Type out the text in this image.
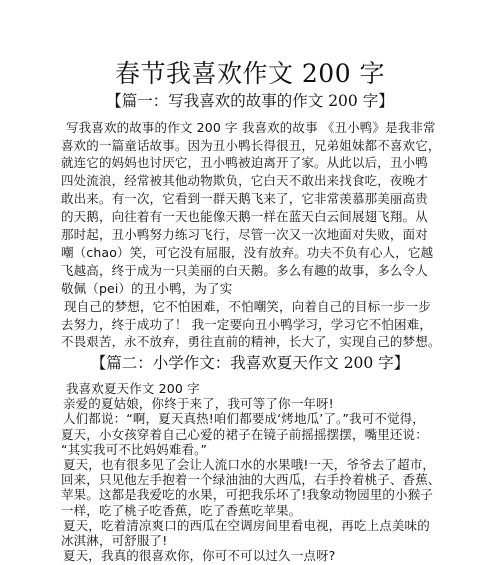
春节我喜欢作文 200 字
【篇一：写我喜欢的故事的作文 200 字】
写我喜欢的故事的作文 200 字 我喜欢的故事 《丑小鸭》是我非常
喜欢的一篇童话故事。因为丑小鸭长得很丑，兄弟姐妹都不喜欢它，
就连它的妈妈也讨厌它，丑小鸭被迫离开了家。从此以后，丑小鸭
四处流浪，经常被其他动物欺负，它白天不敢出来找食吃，夜晚才
敢出来。有一次，它看到一群天鹅飞来了，它非常羡慕那美丽高贵
的天鹅，向往着有一天也能像天鹅一样在蓝天白云间展翅飞翔。从
那时起，丑小鸭努力练习飞行，尽管一次又一次地面对失败，面对
嘲（chao）笑，可它没有屈服，没有放弃。功夫不负有心人，它越
飞越高，终于成为一只美丽的白天鹅。多么有趣的故事，多么令人
敬佩（pei）的丑小鸭，为了实
现自己的梦想，它不怕困难，不怕嘲笑，向着自己的目标一步一步
去努力，终于成功了！ 我一定要向丑小鸭学习，学习它不怕困难，
不畏艰苦，永不放弃，勇往直前的精神，长大了，实现自己的梦想。
【篇二：小学作文：我喜欢夏天作文 200 字】
我喜欢夏天作文 200 字
亲爱的夏姑娘，你终于来了，我可等了你一年呀!
人们都说：“啊，夏天真热!咱们都要成‘烤地瓜’了。”我可不觉得，
夏天，小女孩穿着自己心爱的裙子在镜子前摇摇摆摆，嘴里还说：
“其实我可不比妈妈难看。”
夏天，也有很多见了会让人流口水的水果哦!一天，爷爷去了超市，
回来，只见他左手抱着一个绿油油的大西瓜，右手拎着桃子、香蕉、
苹果。这都是我爱吃的水果，可把我乐坏了!我象动物园里的小猴子
一样，吃了桃子吃香蕉，吃了香蕉吃苹果。
夏天，吃着清凉爽口的西瓜在空调房间里看电视，再吃上点美味的
冰淇淋，可舒服了!
夏天，我真的很喜欢你，你可不可以过久一点呀?
